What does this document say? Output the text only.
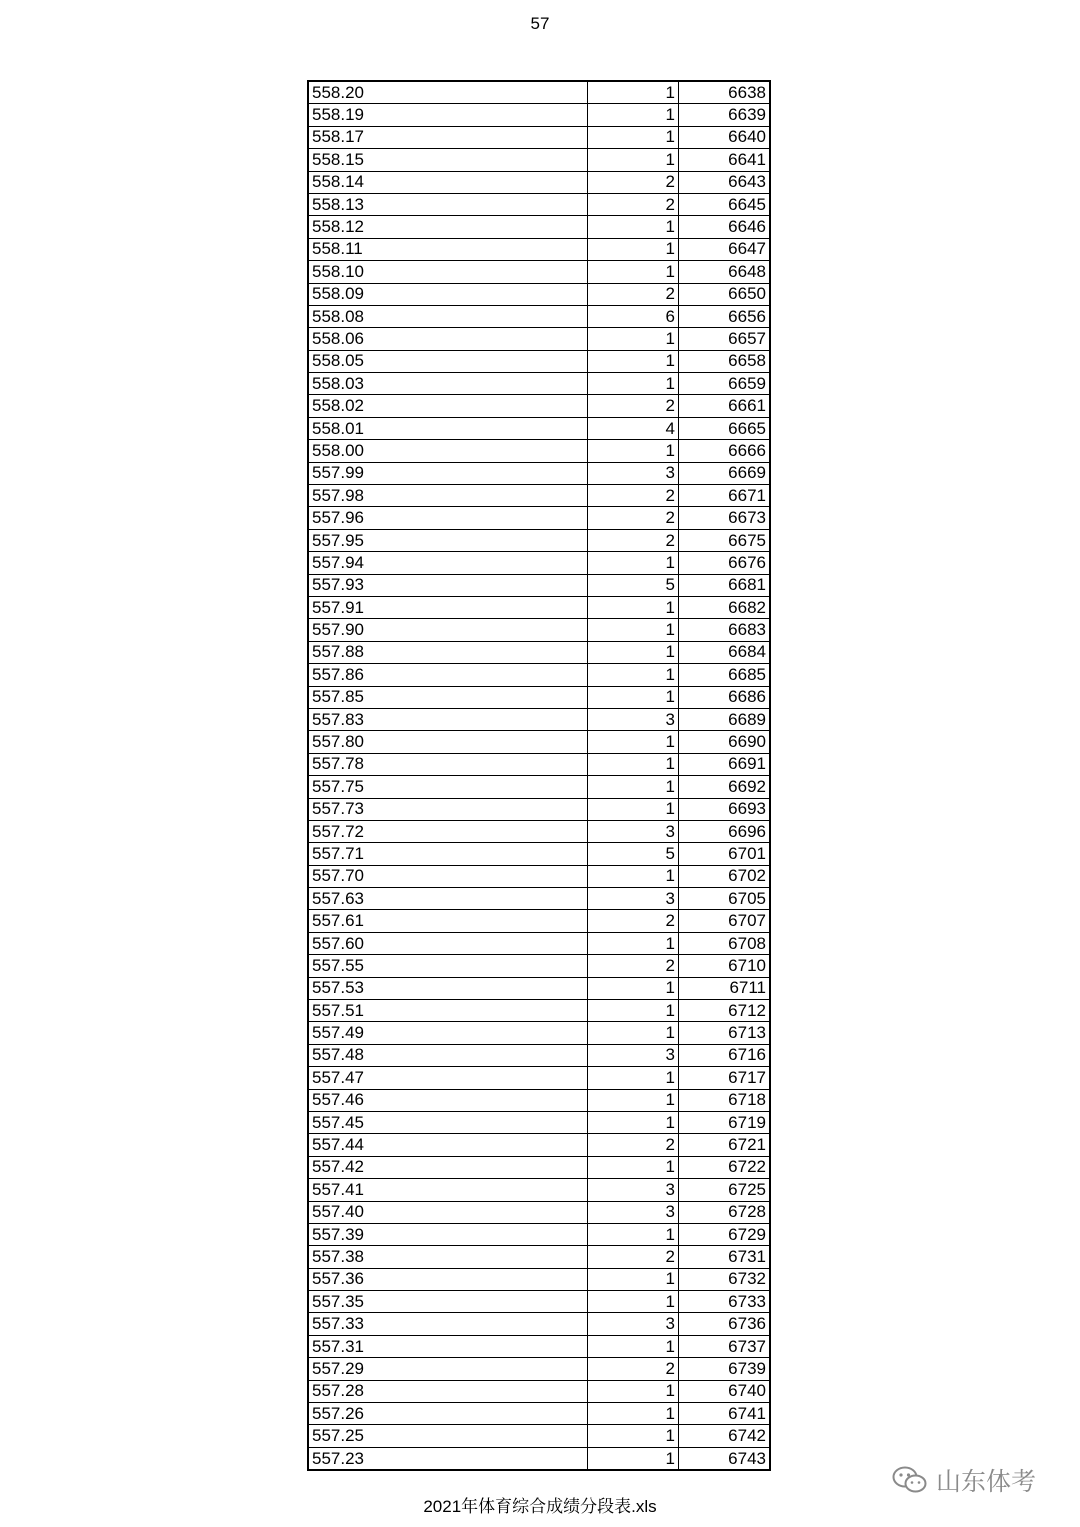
57
558.20	1	6638
558.19	1	6639
558.17	1	6640
558.15	1	6641
558.14	2	6643
558.13	2	6645
558.12	1	6646
558.11	1	6647
558.10	1	6648
558.09	2	6650
558.08	6	6656
558.06	1	6657
558.05	1	6658
558.03	1	6659
558.02	2	6661
558.01	4	6665
558.00	1	6666
557.99	3	6669
557.98	2	6671
557.96	2	6673
557.95	2	6675
557.94	1	6676
557.93	5	6681
557.91	1	6682
557.90	1	6683
557.88	1	6684
557.86	1	6685
557.85	1	6686
557.83	3	6689
557.80	1	6690
557.78	1	6691
557.75	1	6692
557.73	1	6693
557.72	3	6696
557.71	5	6701
557.70	1	6702
557.63	3	6705
557.61	2	6707
557.60	1	6708
557.55	2	6710
557.53	1	6711
557.51	1	6712
557.49	1	6713
557.48	3	6716
557.47	1	6717
557.46	1	6718
557.45	1	6719
557.44	2	6721
557.42	1	6722
557.41	3	6725
557.40	3	6728
557.39	1	6729
557.38	2	6731
557.36	1	6732
557.35	1	6733
557.33	3	6736
557.31	1	6737
557.29	2	6739
557.28	1	6740
557.26	1	6741
557.25	1	6742
557.23	1	6743
2021年体育综合成绩分段表.xls
山东体考
